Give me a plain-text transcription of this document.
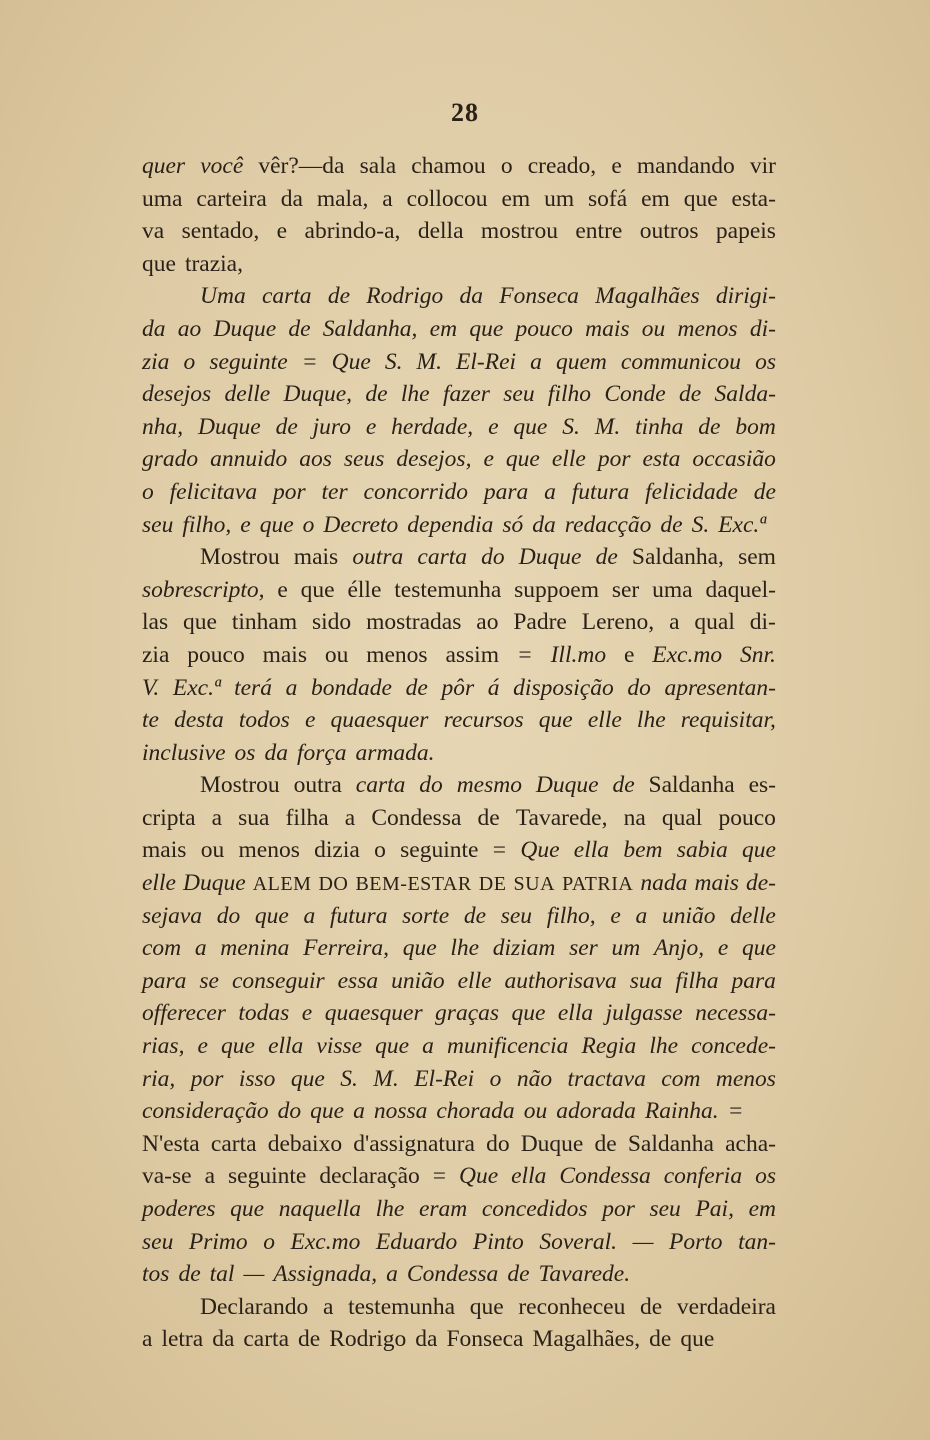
28
quer você vêr?—da sala chamou o creado, e mandando vir
uma carteira da mala, a collocou em um sofá em que esta-
va sentado, e abrindo-a, della mostrou entre outros papeis
que trazia,
Uma carta de Rodrigo da Fonseca Magalhães dirigi-
da ao Duque de Saldanha, em que pouco mais ou menos di-
zia o seguinte = Que S. M. El-Rei a quem communicou os
desejos delle Duque, de lhe fazer seu filho Conde de Salda-
nha, Duque de juro e herdade, e que S. M. tinha de bom
grado annuido aos seus desejos, e que elle por esta occasião
o felicitava por ter concorrido para a futura felicidade de
seu filho, e que o Decreto dependia só da redacção de S. Exc.ª
Mostrou mais outra carta do Duque de Saldanha, sem
sobrescripto, e que élle testemunha suppoem ser uma daquel-
las que tinham sido mostradas ao Padre Lereno, a qual di-
zia pouco mais ou menos assim = Ill.mo e Exc.mo Snr.
V. Exc.ª terá a bondade de pôr á disposição do apresentan-
te desta todos e quaesquer recursos que elle lhe requisitar,
inclusive os da força armada.
Mostrou outra carta do mesmo Duque de Saldanha es-
cripta a sua filha a Condessa de Tavarede, na qual pouco
mais ou menos dizia o seguinte = Que ella bem sabia que
elle Duque ALEM DO BEM-ESTAR DE SUA PATRIA nada mais de-
sejava do que a futura sorte de seu filho, e a união delle
com a menina Ferreira, que lhe diziam ser um Anjo, e que
para se conseguir essa união elle authorisava sua filha para
offerecer todas e quaesquer graças que ella julgasse necessa-
rias, e que ella visse que a munificencia Regia lhe concede-
ria, por isso que S. M. El-Rei o não tractava com menos
consideração do que a nossa chorada ou adorada Rainha. =
N'esta carta debaixo d'assignatura do Duque de Saldanha acha-
va-se a seguinte declaração = Que ella Condessa conferia os
poderes que naquella lhe eram concedidos por seu Pai, em
seu Primo o Exc.mo Eduardo Pinto Soveral. — Porto tan-
tos de tal — Assignada, a Condessa de Tavarede.
Declarando a testemunha que reconheceu de verdadeira
a letra da carta de Rodrigo da Fonseca Magalhães, de que
